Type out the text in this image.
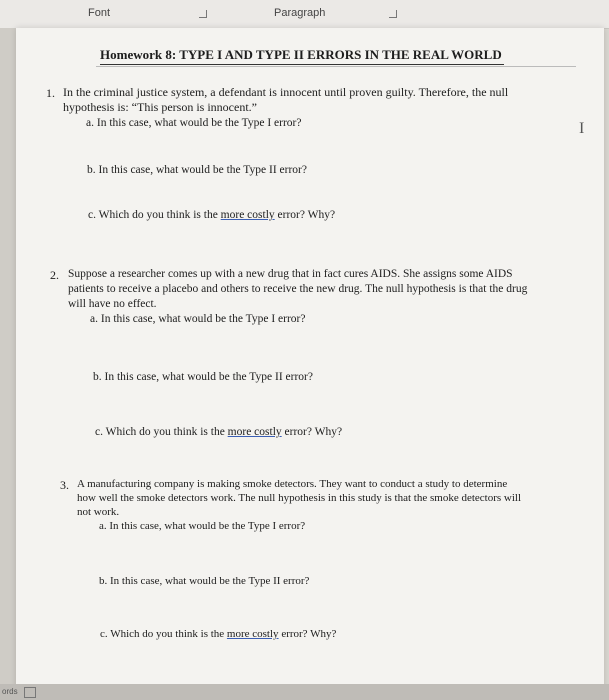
Font	Paragraph
Homework 8: TYPE I AND TYPE II ERRORS IN THE REAL WORLD
I
1. In the criminal justice system, a defendant is innocent until proven guilty. Therefore, the null
hypothesis is: “This person is innocent.”
a. In this case, what would be the Type I error?
b. In this case, what would be the Type II error?
c. Which do you think is the more costly error? Why?
2. Suppose a researcher comes up with a new drug that in fact cures AIDS. She assigns some AIDS
patients to receive a placebo and others to receive the new drug. The null hypothesis is that the drug
will have no effect.
a. In this case, what would be the Type I error?
b. In this case, what would be the Type II error?
c. Which do you think is the more costly error? Why?
3. A manufacturing company is making smoke detectors. They want to conduct a study to determine
how well the smoke detectors work. The null hypothesis in this study is that the smoke detectors will
not work.
a. In this case, what would be the Type I error?
b. In this case, what would be the Type II error?
c. Which do you think is the more costly error? Why?
ords
